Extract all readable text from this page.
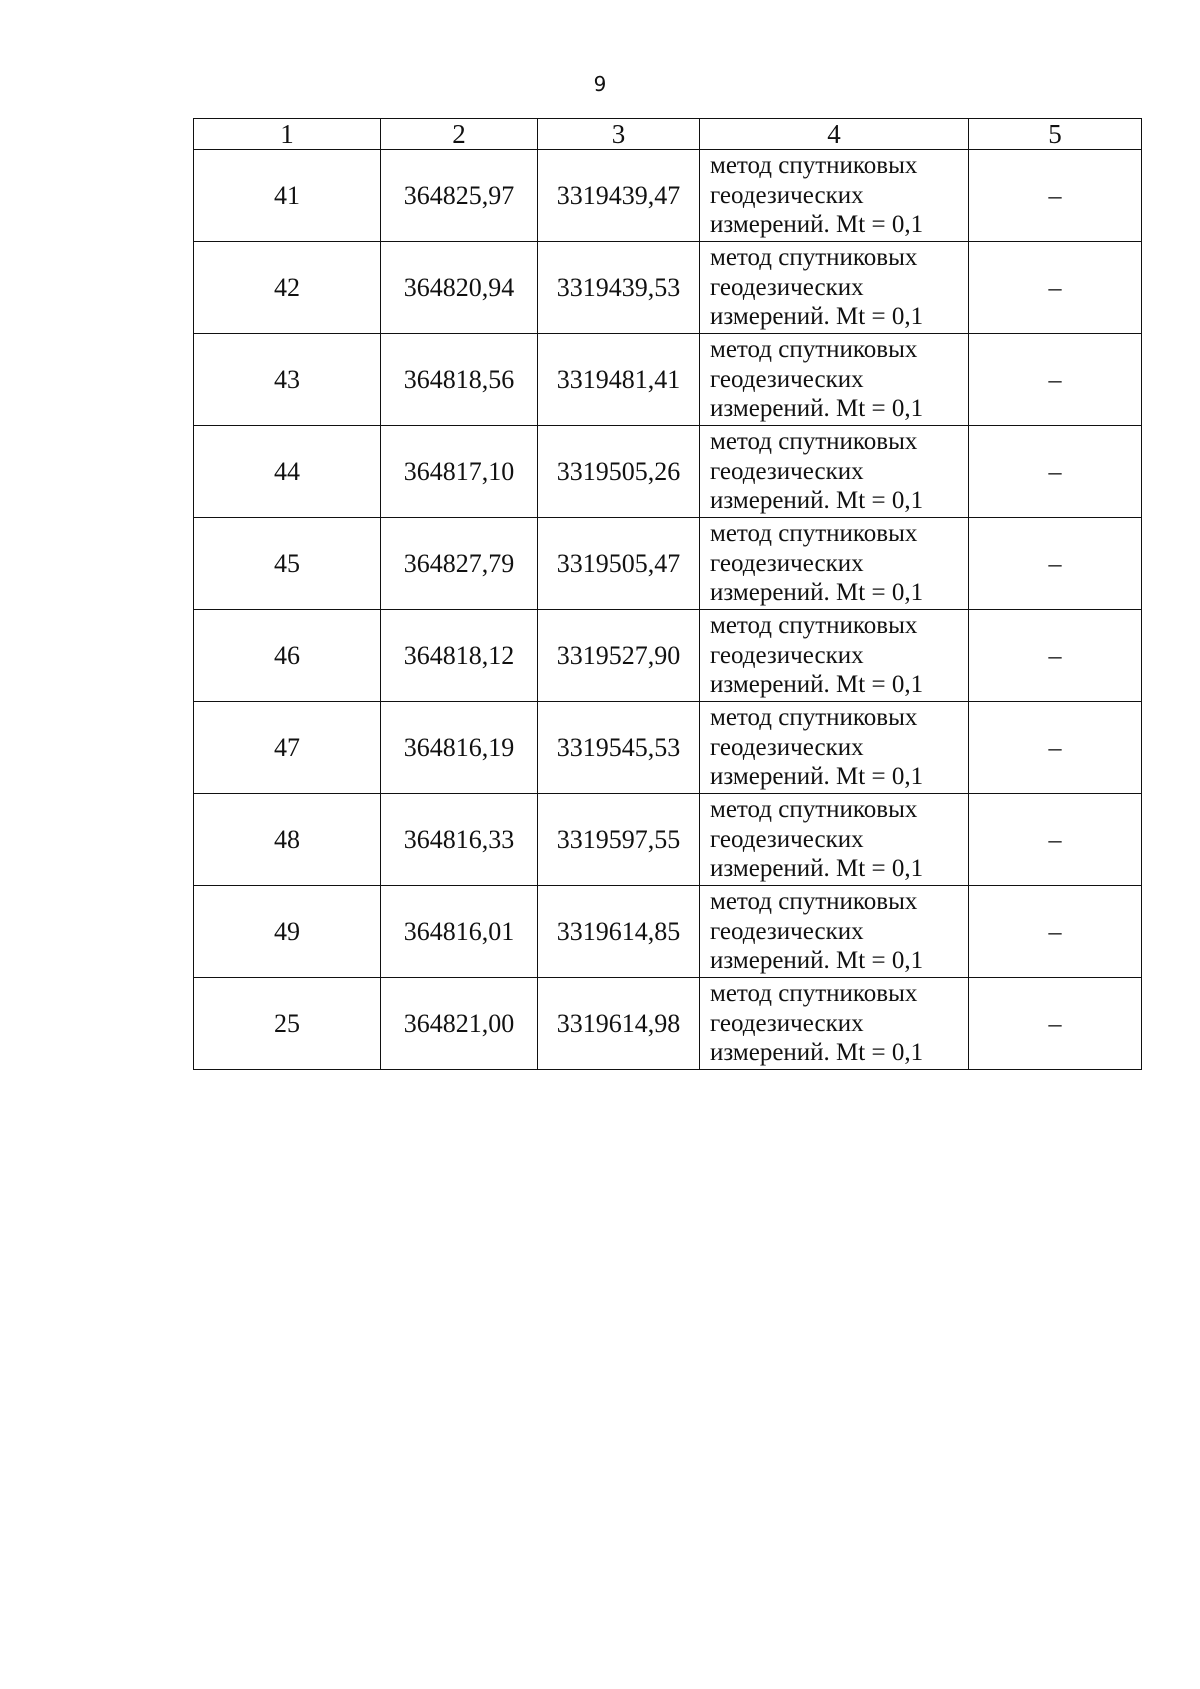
9
1	2	3	4	5
41	364825,97	3319439,47	метод спутниковых
геодезических
измерений. Mt = 0,1	–
42	364820,94	3319439,53	метод спутниковых
геодезических
измерений. Mt = 0,1	–
43	364818,56	3319481,41	метод спутниковых
геодезических
измерений. Mt = 0,1	–
44	364817,10	3319505,26	метод спутниковых
геодезических
измерений. Mt = 0,1	–
45	364827,79	3319505,47	метод спутниковых
геодезических
измерений. Mt = 0,1	–
46	364818,12	3319527,90	метод спутниковых
геодезических
измерений. Mt = 0,1	–
47	364816,19	3319545,53	метод спутниковых
геодезических
измерений. Mt = 0,1	–
48	364816,33	3319597,55	метод спутниковых
геодезических
измерений. Mt = 0,1	–
49	364816,01	3319614,85	метод спутниковых
геодезических
измерений. Mt = 0,1	–
25	364821,00	3319614,98	метод спутниковых
геодезических
измерений. Mt = 0,1	–
